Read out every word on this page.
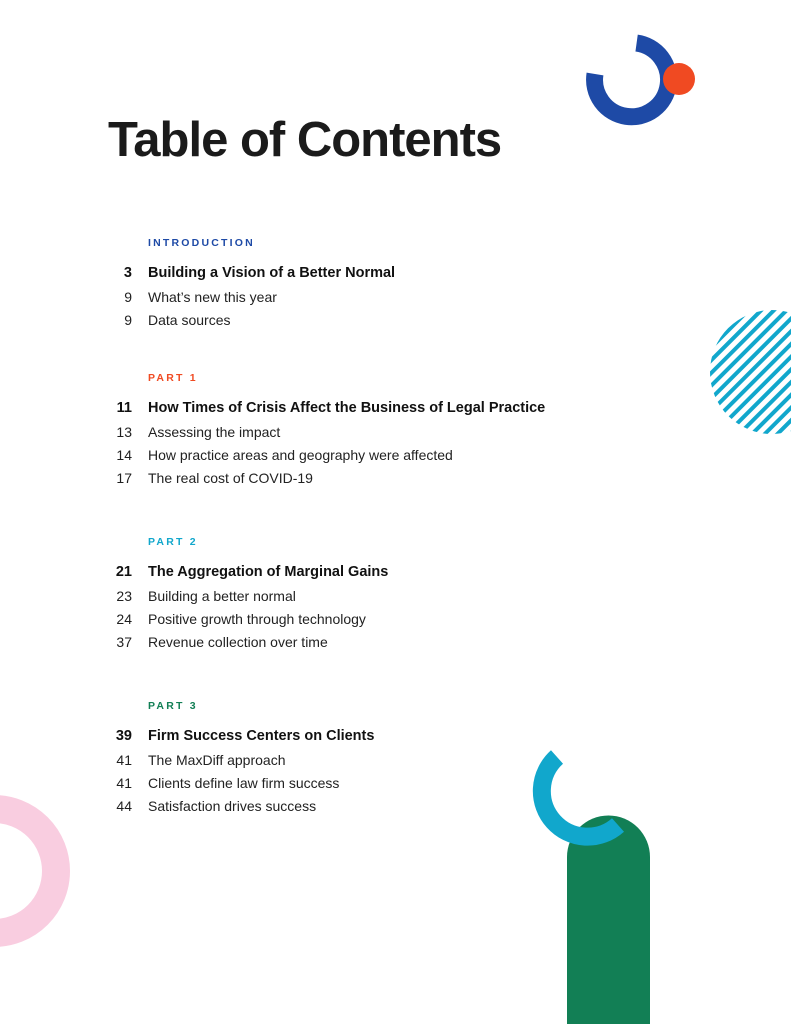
Table of Contents
INTRODUCTION
3 Building a Vision of a Better Normal
9 What’s new this year
9 Data sources
PART 1
11 How Times of Crisis Affect the Business of Legal Practice
13 Assessing the impact
14 How practice areas and geography were affected
17 The real cost of COVID-19
PART 2
21 The Aggregation of Marginal Gains
23 Building a better normal
24 Positive growth through technology
37 Revenue collection over time
PART 3
39 Firm Success Centers on Clients
41 The MaxDiff approach
41 Clients define law firm success
44 Satisfaction drives success
